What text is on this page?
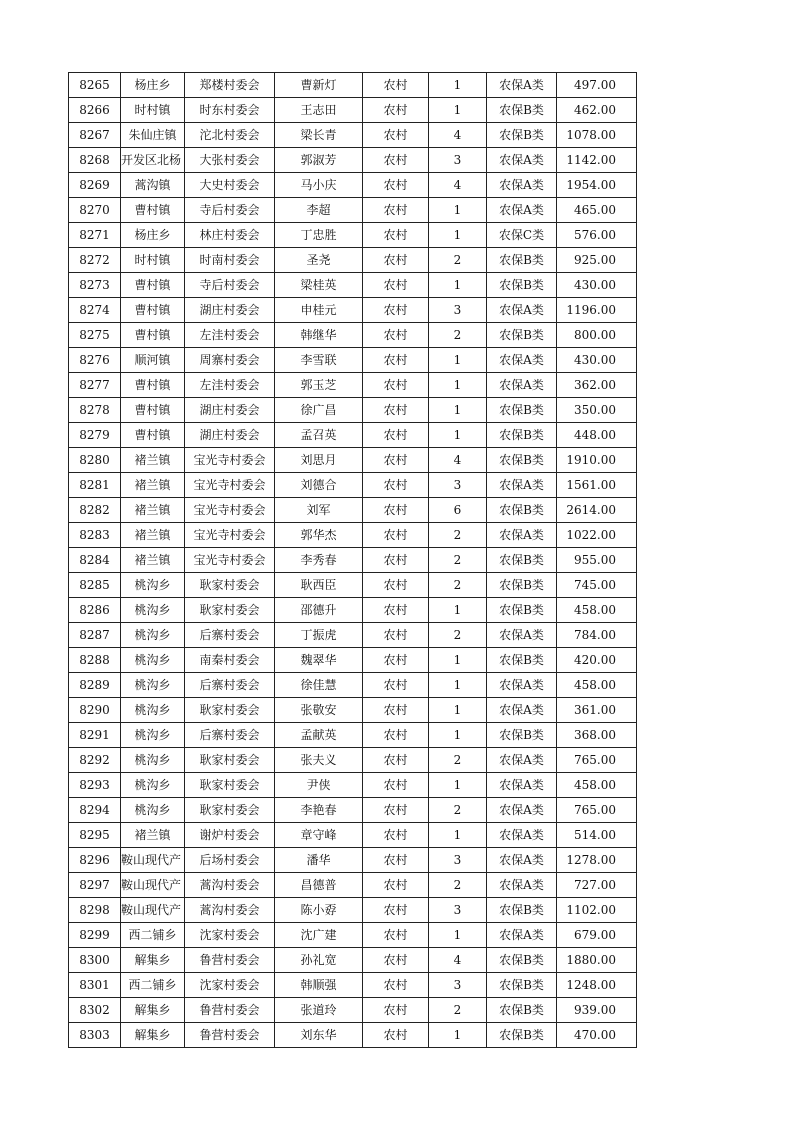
8265	杨庄乡	郑楼村委会	曹新灯	农村	1	农保A类	497.00
8266	时村镇	时东村委会	王志田	农村	1	农保B类	462.00
8267	朱仙庄镇	沱北村委会	梁长青	农村	4	农保B类	1078.00
8268	开发区北杨	大张村委会	郭淑芳	农村	3	农保A类	1142.00
8269	蒿沟镇	大史村委会	马小庆	农村	4	农保A类	1954.00
8270	曹村镇	寺后村委会	李超	农村	1	农保A类	465.00
8271	杨庄乡	林庄村委会	丁忠胜	农村	1	农保C类	576.00
8272	时村镇	时南村委会	圣尧	农村	2	农保B类	925.00
8273	曹村镇	寺后村委会	梁桂英	农村	1	农保B类	430.00
8274	曹村镇	湖庄村委会	申桂元	农村	3	农保A类	1196.00
8275	曹村镇	左洼村委会	韩继华	农村	2	农保B类	800.00
8276	顺河镇	周寨村委会	李雪联	农村	1	农保A类	430.00
8277	曹村镇	左洼村委会	郭玉芝	农村	1	农保A类	362.00
8278	曹村镇	湖庄村委会	徐广昌	农村	1	农保B类	350.00
8279	曹村镇	湖庄村委会	孟召英	农村	1	农保B类	448.00
8280	褚兰镇	宝光寺村委会	刘思月	农村	4	农保B类	1910.00
8281	褚兰镇	宝光寺村委会	刘德合	农村	3	农保A类	1561.00
8282	褚兰镇	宝光寺村委会	刘军	农村	6	农保B类	2614.00
8283	褚兰镇	宝光寺村委会	郭华杰	农村	2	农保A类	1022.00
8284	褚兰镇	宝光寺村委会	李秀春	农村	2	农保B类	955.00
8285	桃沟乡	耿家村委会	耿西臣	农村	2	农保B类	745.00
8286	桃沟乡	耿家村委会	邵德升	农村	1	农保B类	458.00
8287	桃沟乡	后寨村委会	丁振虎	农村	2	农保A类	784.00
8288	桃沟乡	南秦村委会	魏翠华	农村	1	农保B类	420.00
8289	桃沟乡	后寨村委会	徐佳慧	农村	1	农保A类	458.00
8290	桃沟乡	耿家村委会	张敬安	农村	1	农保A类	361.00
8291	桃沟乡	后寨村委会	孟献英	农村	1	农保B类	368.00
8292	桃沟乡	耿家村委会	张夫义	农村	2	农保A类	765.00
8293	桃沟乡	耿家村委会	尹侠	农村	1	农保A类	458.00
8294	桃沟乡	耿家村委会	李艳春	农村	2	农保A类	765.00
8295	褚兰镇	谢炉村委会	章守峰	农村	1	农保A类	514.00
8296	鞍山现代产	后场村委会	潘华	农村	3	农保A类	1278.00
8297	鞍山现代产	蒿沟村委会	昌德普	农村	2	农保A类	727.00
8298	鞍山现代产	蒿沟村委会	陈小孬	农村	3	农保B类	1102.00
8299	西二铺乡	沈家村委会	沈广建	农村	1	农保A类	679.00
8300	解集乡	鲁营村委会	孙礼宽	农村	4	农保B类	1880.00
8301	西二铺乡	沈家村委会	韩顺强	农村	3	农保B类	1248.00
8302	解集乡	鲁营村委会	张道玲	农村	2	农保B类	939.00
8303	解集乡	鲁营村委会	刘东华	农村	1	农保B类	470.00
